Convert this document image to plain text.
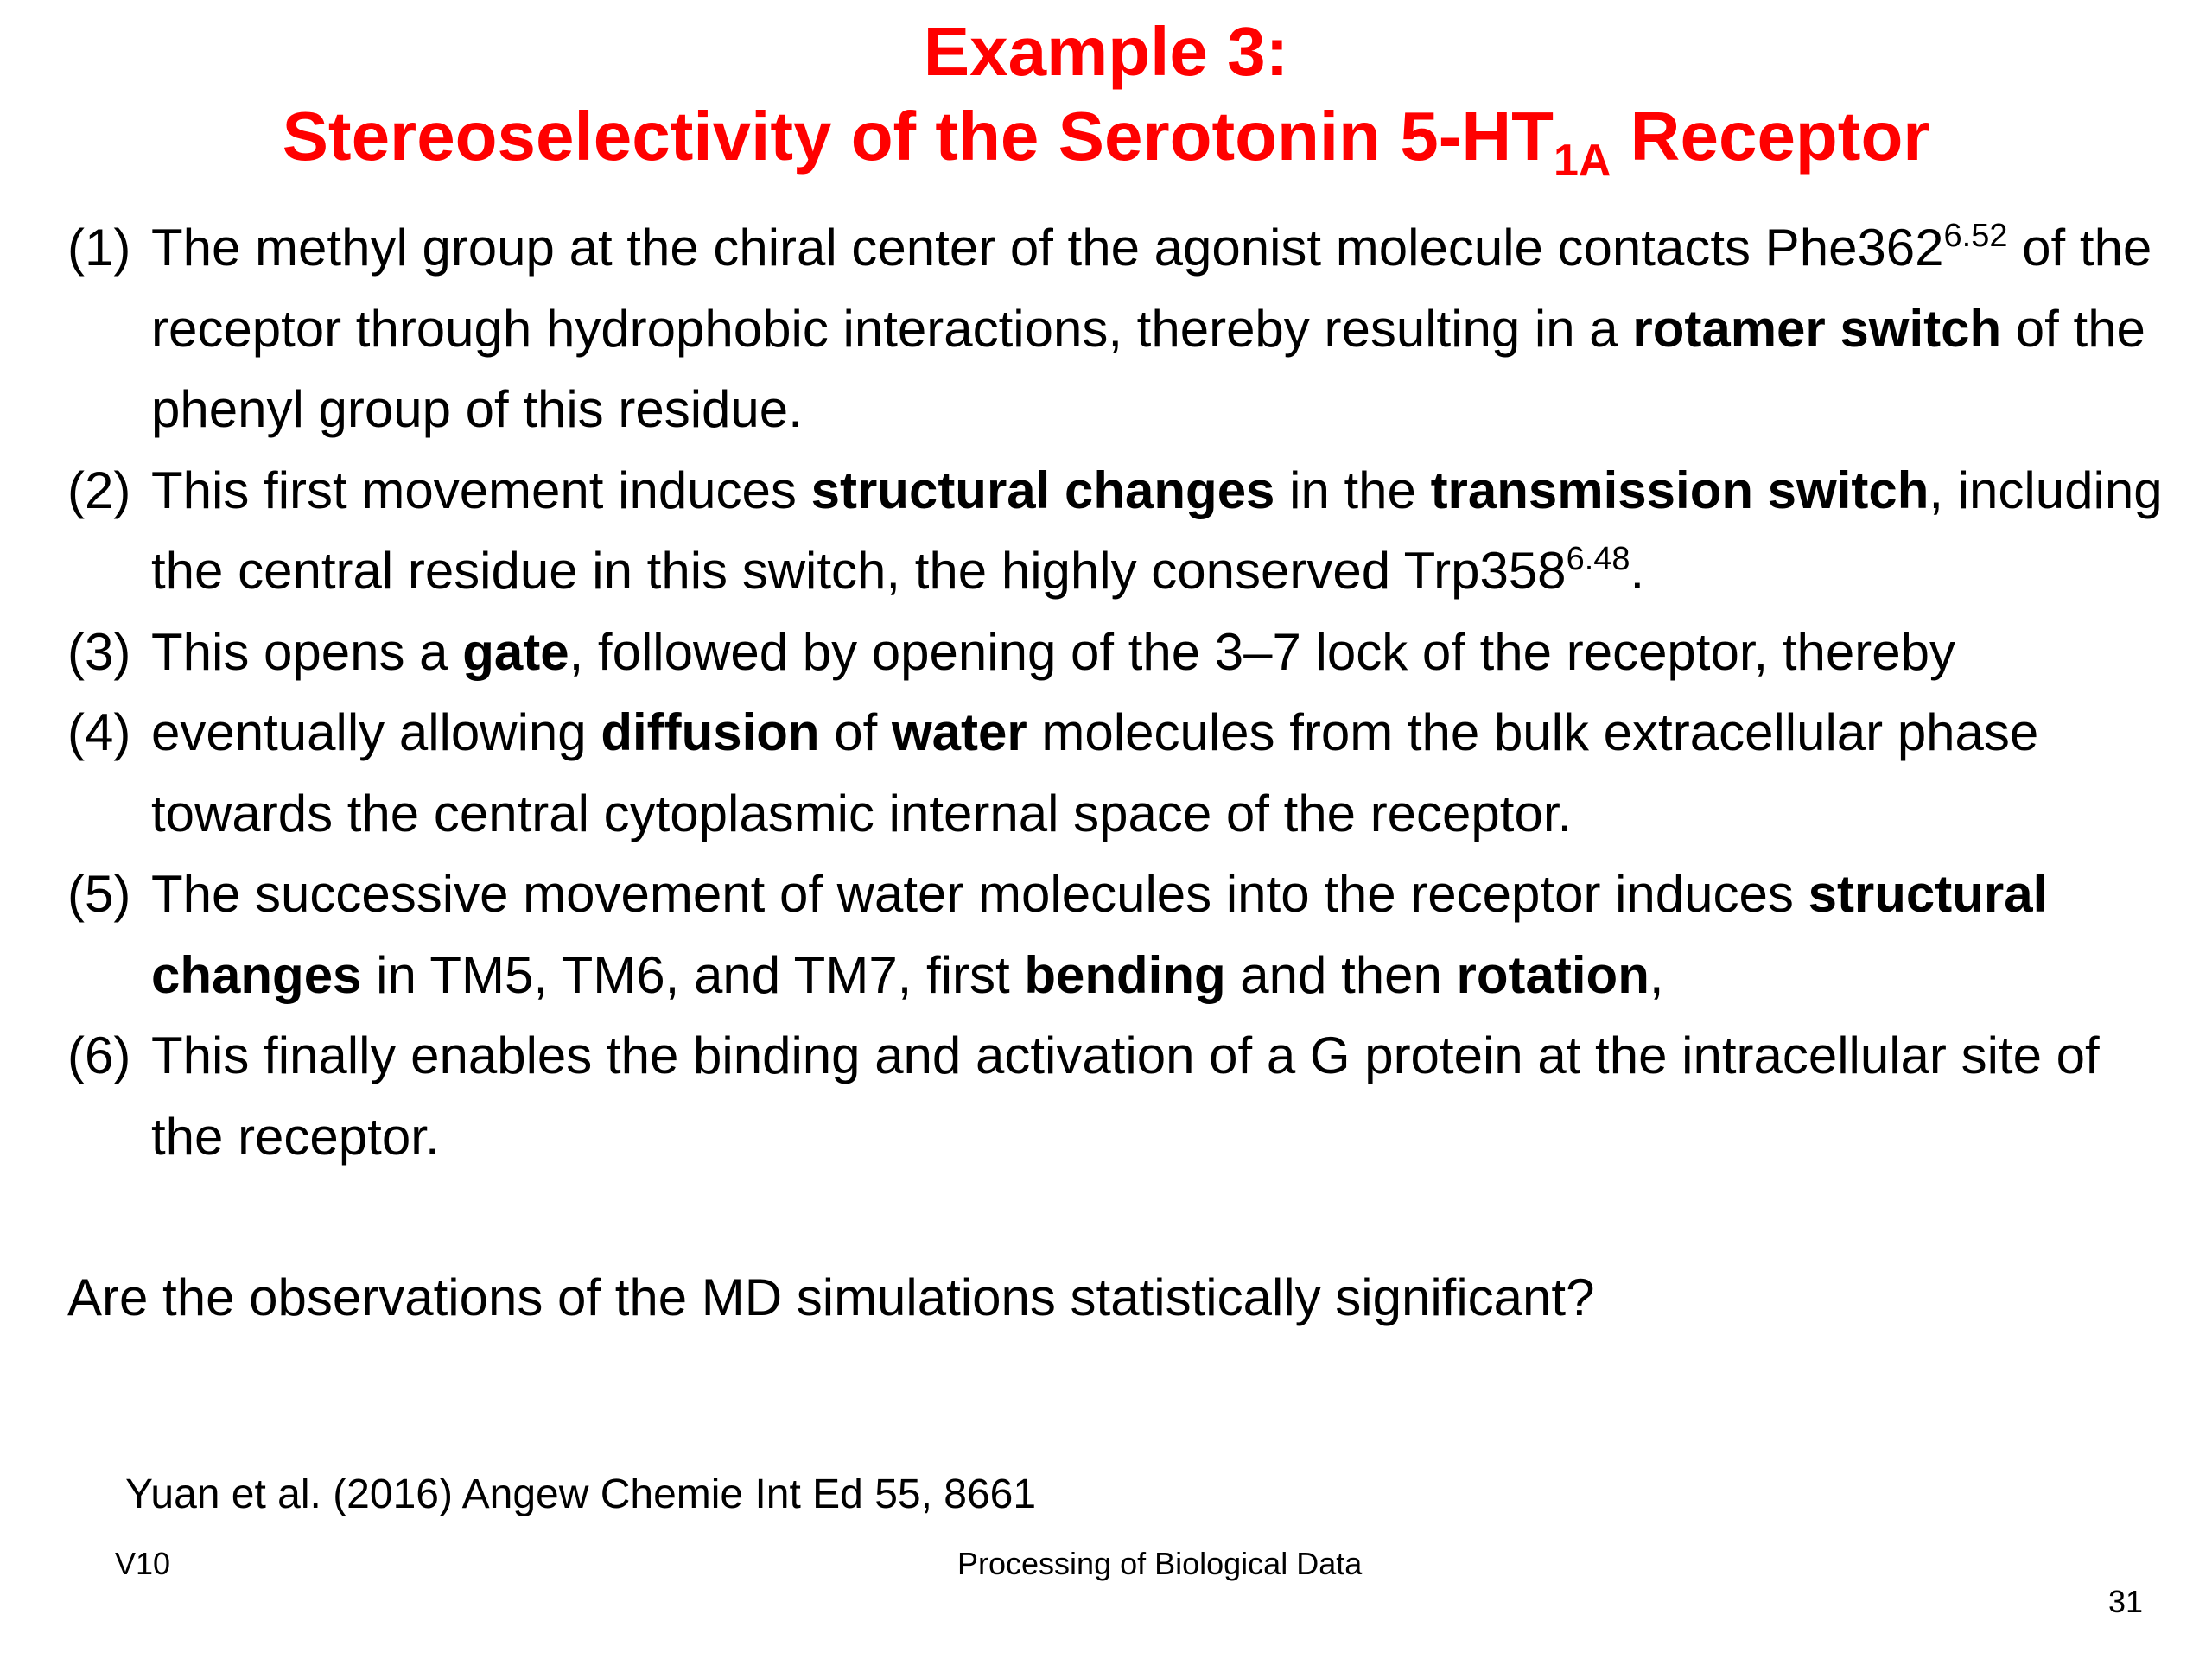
Example 3:
Stereoselectivity of the Serotonin $5-HT_{1A}$ Receptor
(1) The methyl group at the chiral center of the agonist molecule contacts $Phe362^{6.52}$ of the receptor through hydrophobic interactions, thereby resulting in a rotamer switch of the phenyl group of this residue.
(2) This first movement induces structural changes in the transmission switch, including the central residue in this switch, the highly conserved $Trp358^{6.48}$.
(3) This opens a gate, followed by opening of the 3–7 lock of the receptor, thereby
(4) eventually allowing diffusion of water molecules from the bulk extracellular phase towards the central cytoplasmic internal space of the receptor.
(5) The successive movement of water molecules into the receptor induces structural changes in TM5, TM6, and TM7, first bending and then rotation,
(6) This finally enables the binding and activation of a G protein at the intracellular site of the receptor.
Are the observations of the MD simulations statistically significant?
Yuan et al. (2016) Angew Chemie Int Ed 55, 8661
V10	Processing of Biological Data
31
